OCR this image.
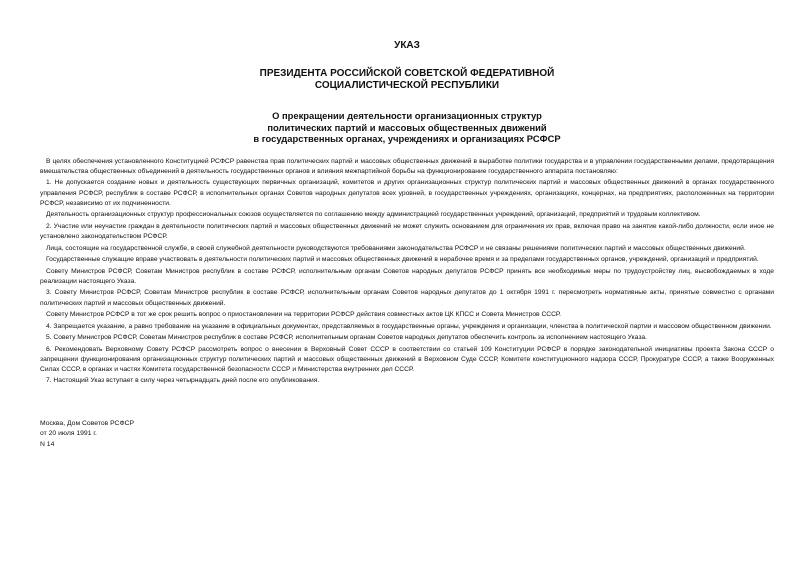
УКАЗ
ПРЕЗИДЕНТА РОССИЙСКОЙ СОВЕТСКОЙ ФЕДЕРАТИВНОЙ
СОЦИАЛИСТИЧЕСКОЙ РЕСПУБЛИКИ
О прекращении деятельности организационных структур
политических партий и массовых общественных движений
в государственных органах, учреждениях и организациях РСФСР

В целях обеспечения установленного Конституцией РСФСР равенства прав политических партий и массовых общественных движений в выработке политики государства и в управлении государственными делами, предотвращения вмешательства общественных объединений в деятельность государственных органов и влияния межпартийной борьбы на функционирование государственного аппарата постановляю:

1. Не допускается создание новых и деятельность существующих первичных организаций, комитетов и других организационных структур политических партий и массовых общественных движений в органах государственного управления РСФСР, республик в составе РСФСР, в исполнительных органах Советов народных депутатов всех уровней, в государственных учреждениях, организациях, концернах, на предприятиях, расположенных на территории РСФСР, независимо от их подчиненности.

Деятельность организационных структур профессиональных союзов осуществляется по соглашению между администрацией государственных учреждений, организаций, предприятий и трудовым коллективом.

2. Участие или неучастие граждан в деятельности политических партий и массовых общественных движений не может служить основанием для ограничения их прав, включая право на занятие какой-либо должности, если иное не установлено законодательством РСФСР.

Лица, состоящие на государственной службе, в своей служебной деятельности руководствуются требованиями законодательства РСФСР и не связаны решениями политических партий и массовых общественных движений.

Государственные служащие вправе участвовать в деятельности политических партий и массовых общественных движений в нерабочее время и за пределами государственных органов, учреждений, организаций и предприятий.

Совету Министров РСФСР, Советам Министров республик в составе РСФСР, исполнительным органам Советов народных депутатов РСФСР принять все необходимые меры по трудоустройству лиц, высвобождаемых в ходе реализации настоящего Указа.

3. Совету Министров РСФСР, Советам Министров республик в составе РСФСР, исполнительным органам Советов народных депутатов до 1 октября 1991 г. пересмотреть нормативные акты, принятые совместно с органами политических партий и массовых общественных движений.

Совету Министров РСФСР в тот же срок решить вопрос о приостановлении на территории РСФСР действия совместных актов ЦК КПСС и Совета Министров СССР.

4. Запрещается указание, а равно требование на указание в официальных документах, представляемых в государственные органы, учреждения и организации, членства в политической партии и массовом общественном движении.

5. Совету Министров РСФСР, Советам Министров республик в составе РСФСР, исполнительным органам Советов народных депутатов обеспечить контроль за исполнением настоящего Указа.

6. Рекомендовать Верховному Совету РСФСР рассмотреть вопрос о внесении в Верховный Совет СССР в соответствии со статьей 109 Конституции РСФСР в порядке законодательной инициативы проекта Закона СССР о запрещении функционирования организационных структур политических партий и массовых общественных движений в Верховном Суде СССР, Комитете конституционного надзора СССР, Прокуратуре СССР, а также Вооруженных Силах СССР, в органах и частях Комитета государственной безопасности СССР и Министерства внутренних дел СССР.

7. Настоящий Указ вступает в силу через четырнадцать дней после его опубликования.

Москва, Дом Советов РСФСР
от 20 июля 1991 г.
N 14
